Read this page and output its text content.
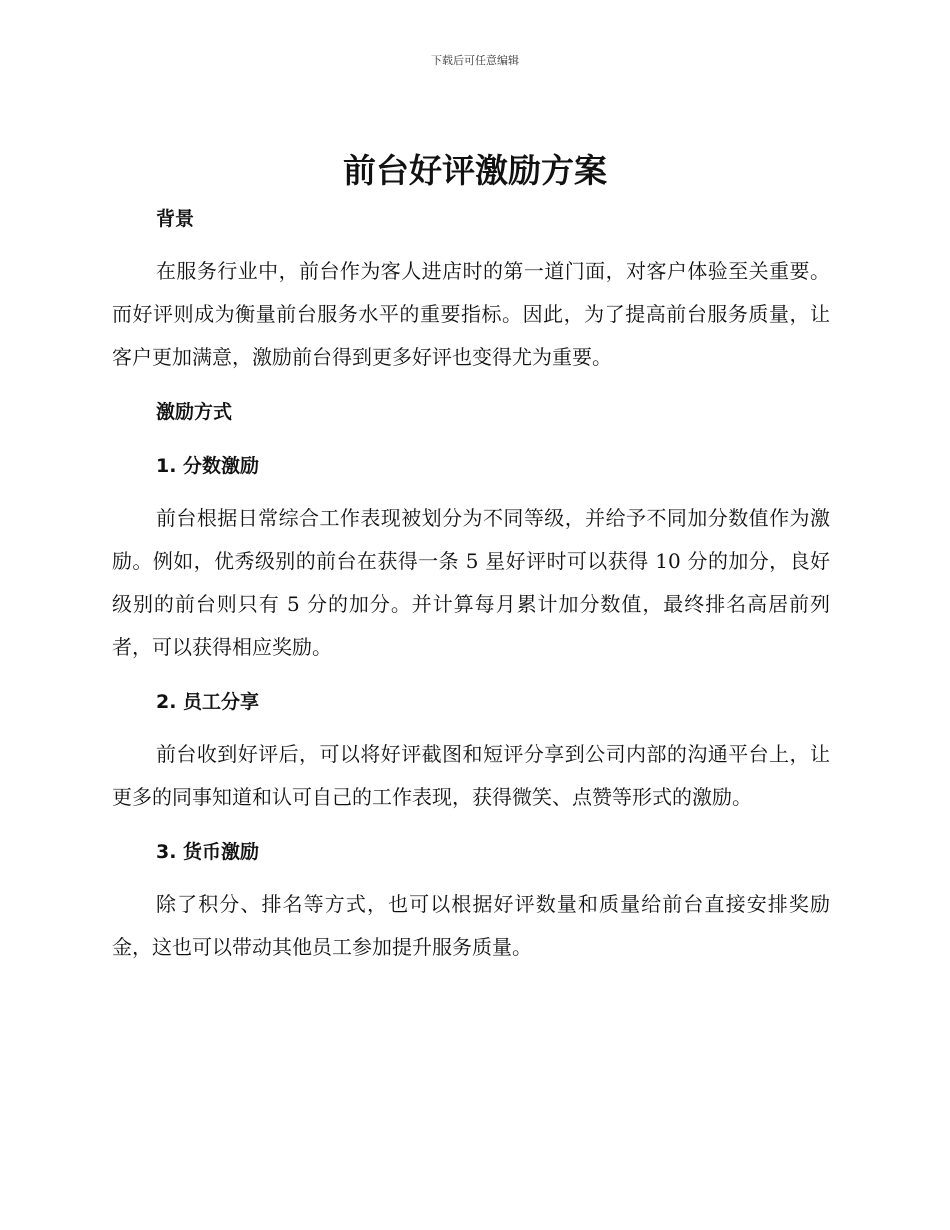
下载后可任意编辑
前台好评激励方案

背景

在服务行业中，前台作为客人进店时的第一道门面，对客户体验至关重要。而好评则成为衡量前台服务水平的重要指标。因此，为了提高前台服务质量，让客户更加满意，激励前台得到更多好评也变得尤为重要。

激励方式

1. 分数激励

前台根据日常综合工作表现被划分为不同等级，并给予不同加分数值作为激励。例如，优秀级别的前台在获得一条 5 星好评时可以获得 10 分的加分，良好级别的前台则只有 5 分的加分。并计算每月累计加分数值，最终排名高居前列者，可以获得相应奖励。

2. 员工分享

前台收到好评后，可以将好评截图和短评分享到公司内部的沟通平台上，让更多的同事知道和认可自己的工作表现，获得微笑、点赞等形式的激励。

3. 货币激励

除了积分、排名等方式，也可以根据好评数量和质量给前台直接安排奖励金，这也可以带动其他员工参加提升服务质量。
